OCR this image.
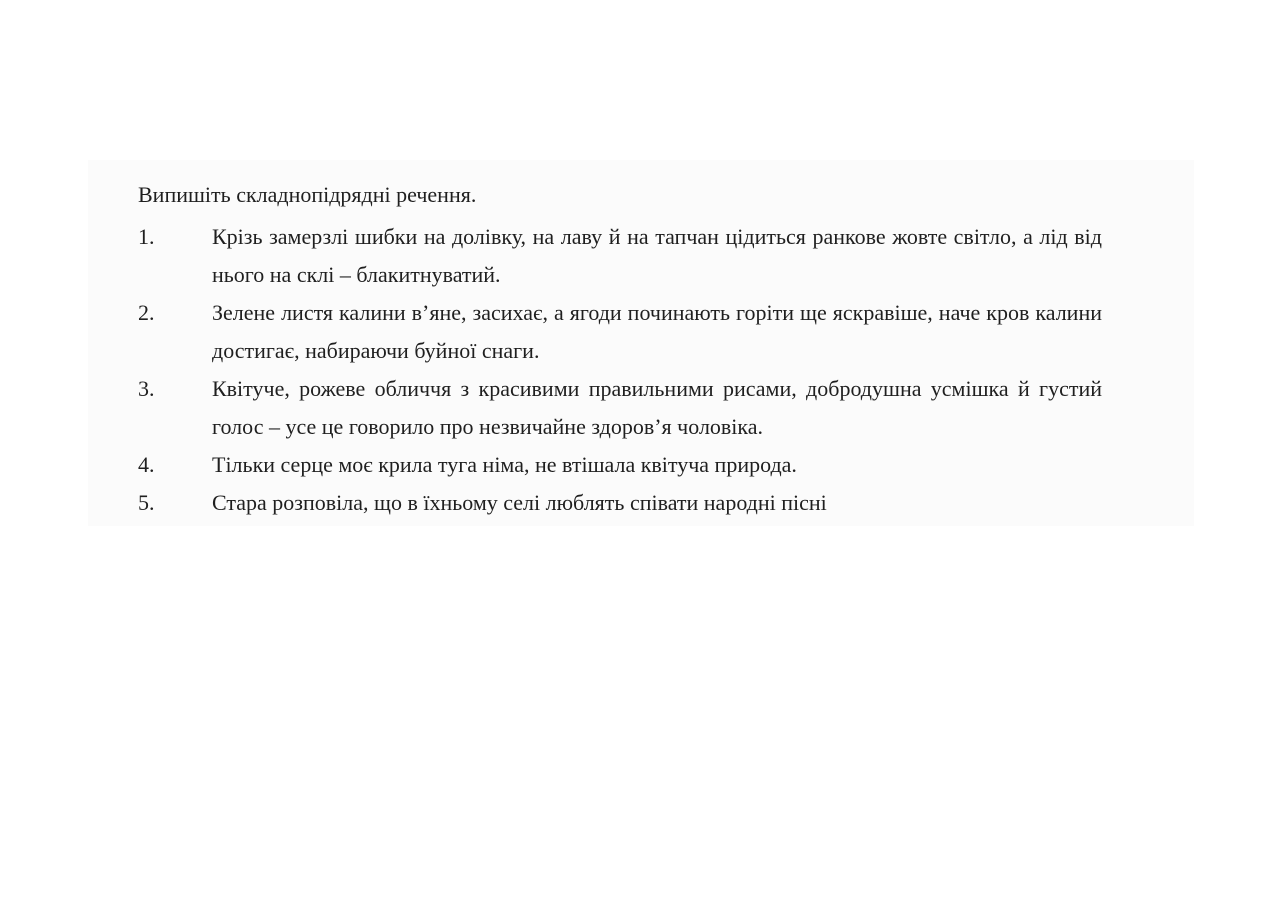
Випишіть складнопідрядні речення.

1.	Крізь замерзлі шибки на долівку, на лаву й на тапчан цідиться ранкове жовте світло, а лід від нього на склі – блакитнуватий.
2.	Зелене листя калини в’яне, засихає, а ягоди починають горіти ще яскравіше, наче кров калини достигає, набираючи буйної снаги.
3.	Квітуче, рожеве обличчя з красивими правильними рисами, добродушна усмішка й густий голос – усе це говорило про незвичайне здоров’я чоловіка.
4.	Тільки серце моє крила туга німа, не втішала квітуча природа.
5.	Стара розповіла, що в їхньому селі люблять співати народні пісні
